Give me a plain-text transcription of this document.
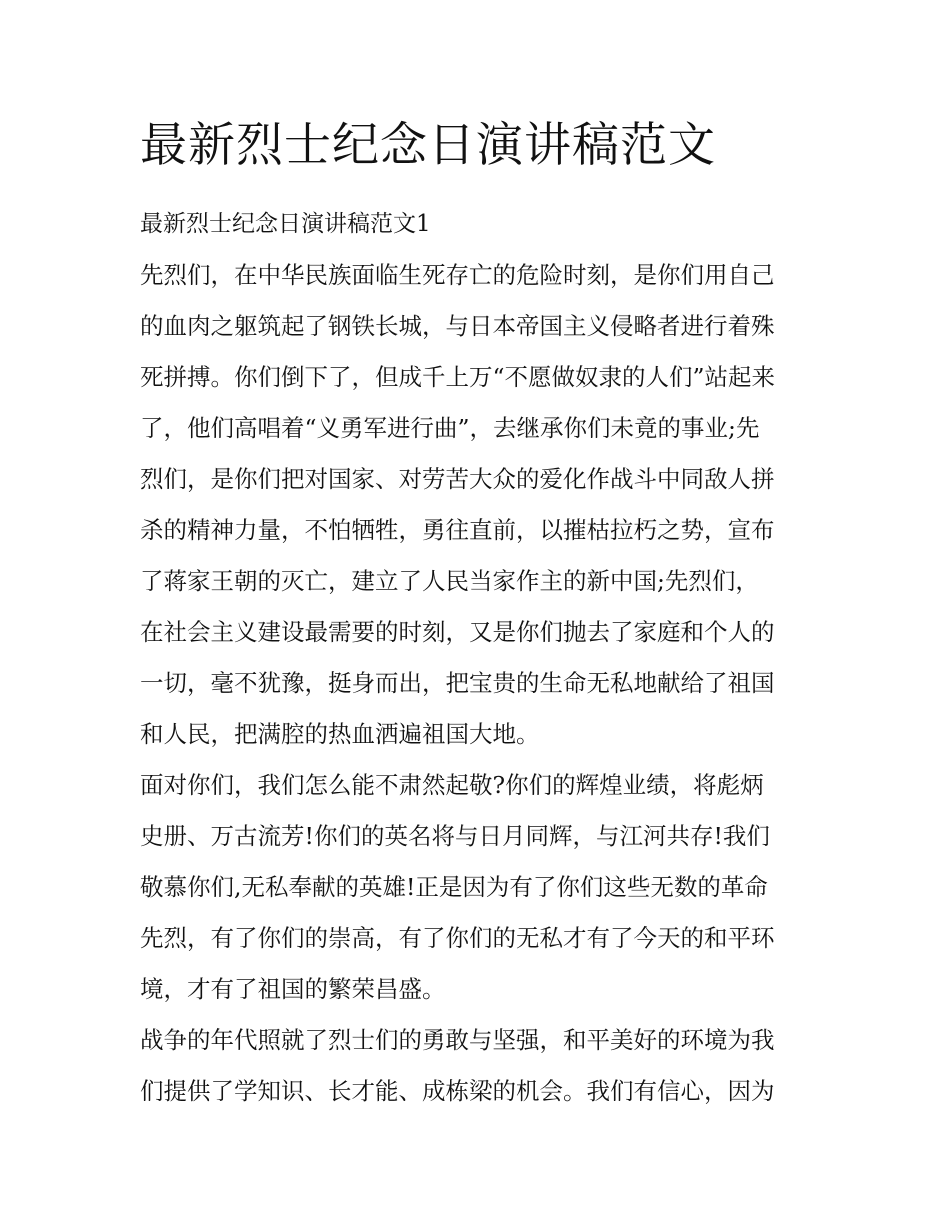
最新烈士纪念日演讲稿范文

最新烈士纪念日演讲稿范文1

先烈们，在中华民族面临生死存亡的危险时刻，是你们用自己

的血肉之躯筑起了钢铁长城，与日本帝国主义侵略者进行着殊

死拼搏。你们倒下了，但成千上万“不愿做奴隶的人们”站起来

了，他们高唱着“义勇军进行曲”，去继承你们未竟的事业;先

烈们，是你们把对国家、对劳苦大众的爱化作战斗中同敌人拼

杀的精神力量，不怕牺牲，勇往直前，以摧枯拉朽之势，宣布

了蒋家王朝的灭亡，建立了人民当家作主的新中国;先烈们，

在社会主义建设最需要的时刻，又是你们抛去了家庭和个人的

一切，毫不犹豫，挺身而出，把宝贵的生命无私地献给了祖国

和人民，把满腔的热血洒遍祖国大地。

面对你们，我们怎么能不肃然起敬?你们的辉煌业绩，将彪炳

史册、万古流芳!你们的英名将与日月同辉，与江河共存!我们

敬慕你们,无私奉献的英雄!正是因为有了你们这些无数的革命

先烈，有了你们的崇高，有了你们的无私才有了今天的和平环

境，才有了祖国的繁荣昌盛。

战争的年代照就了烈士们的勇敢与坚强，和平美好的环境为我

们提供了学知识、长才能、成栋梁的机会。我们有信心，因为
